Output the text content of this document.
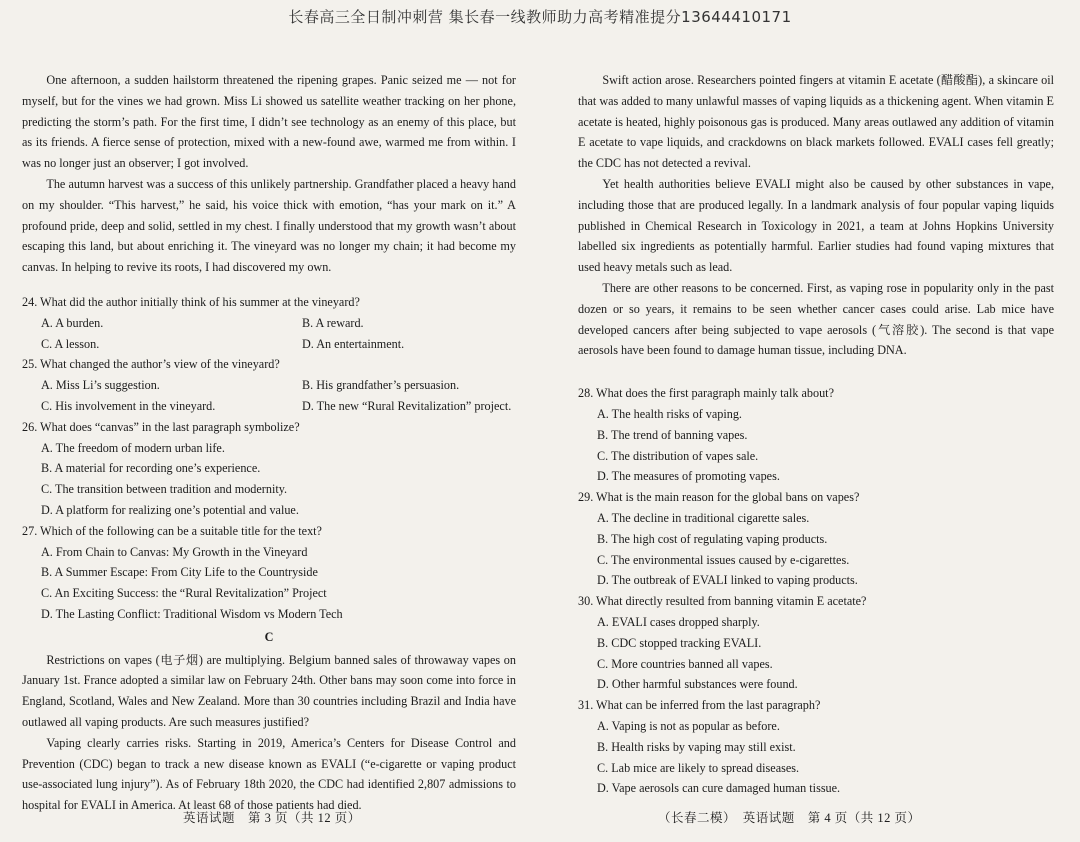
长春高三全日制冲刺营 集长春一线教师助力高考精准提分13644410171

One afternoon, a sudden hailstorm threatened the ripening grapes. Panic seized me — not for myself, but for the vines we had grown. Miss Li showed us satellite weather tracking on her phone, predicting the storm’s path. For the first time, I didn’t see technology as an enemy of this place, but as its friends. A fierce sense of protection, mixed with a new-found awe, warmed me from within. I was no longer just an observer; I got involved.

The autumn harvest was a success of this unlikely partnership. Grandfather placed a heavy hand on my shoulder. “This harvest,” he said, his voice thick with emotion, “has your mark on it.” A profound pride, deep and solid, settled in my chest. I finally understood that my growth wasn’t about escaping this land, but about enriching it. The vineyard was no longer my chain; it had become my canvas. In helping to revive its roots, I had discovered my own.

24. What did the author initially think of his summer at the vineyard?

A. A burden.	B. A reward.

C. A lesson.	D. An entertainment.

25. What changed the author’s view of the vineyard?

A. Miss Li’s suggestion.	B. His grandfather’s persuasion.

C. His involvement in the vineyard.	D. The new “Rural Revitalization” project.

26. What does “canvas” in the last paragraph symbolize?

A. The freedom of modern urban life.

B. A material for recording one’s experience.

C. The transition between tradition and modernity.

D. A platform for realizing one’s potential and value.

27. Which of the following can be a suitable title for the text?

A. From Chain to Canvas: My Growth in the Vineyard

B. A Summer Escape: From City Life to the Countryside

C. An Exciting Success: the “Rural Revitalization” Project

D. The Lasting Conflict: Traditional Wisdom vs Modern Tech

C

Restrictions on vapes (电子烟) are multiplying. Belgium banned sales of throwaway vapes on January 1st. France adopted a similar law on February 24th. Other bans may soon come into force in England, Scotland, Wales and New Zealand. More than 30 countries including Brazil and India have outlawed all vaping products. Are such measures justified?

Vaping clearly carries risks. Starting in 2019, America’s Centers for Disease Control and Prevention (CDC) began to track a new disease known as EVALI (“e-cigarette or vaping product use-associated lung injury”). As of February 18th 2020, the CDC had identified 2,807 admissions to hospital for EVALI in America. At least 68 of those patients had died.

Swift action arose. Researchers pointed fingers at vitamin E acetate (醋酸酯), a skincare oil that was added to many unlawful masses of vaping liquids as a thickening agent. When vitamin E acetate is heated, highly poisonous gas is produced. Many areas outlawed any addition of vitamin E acetate to vape liquids, and crackdowns on black markets followed. EVALI cases fell greatly; the CDC has not detected a revival.

Yet health authorities believe EVALI might also be caused by other substances in vape, including those that are produced legally. In a landmark analysis of four popular vaping liquids published in Chemical Research in Toxicology in 2021, a team at Johns Hopkins University labelled six ingredients as potentially harmful. Earlier studies had found vaping mixtures that used heavy metals such as lead.

There are other reasons to be concerned. First, as vaping rose in popularity only in the past dozen or so years, it remains to be seen whether cancer cases could arise. Lab mice have developed cancers after being subjected to vape aerosols (气溶胶). The second is that vape aerosols have been found to damage human tissue, including DNA.

28. What does the first paragraph mainly talk about?

A. The health risks of vaping.

B. The trend of banning vapes.

C. The distribution of vapes sale.

D. The measures of promoting vapes.

29. What is the main reason for the global bans on vapes?

A. The decline in traditional cigarette sales.

B. The high cost of regulating vaping products.

C. The environmental issues caused by e-cigarettes.

D. The outbreak of EVALI linked to vaping products.

30. What directly resulted from banning vitamin E acetate?

A. EVALI cases dropped sharply.

B. CDC stopped tracking EVALI.

C. More countries banned all vapes.

D. Other harmful substances were found.

31. What can be inferred from the last paragraph?

A. Vaping is not as popular as before.

B. Health risks by vaping may still exist.

C. Lab mice are likely to spread diseases.

D. Vape aerosols can cure damaged human tissue.

英语试题　第 3 页（共 12 页）	（长春二模）　英语试题　第 4 页（共 12 页）
